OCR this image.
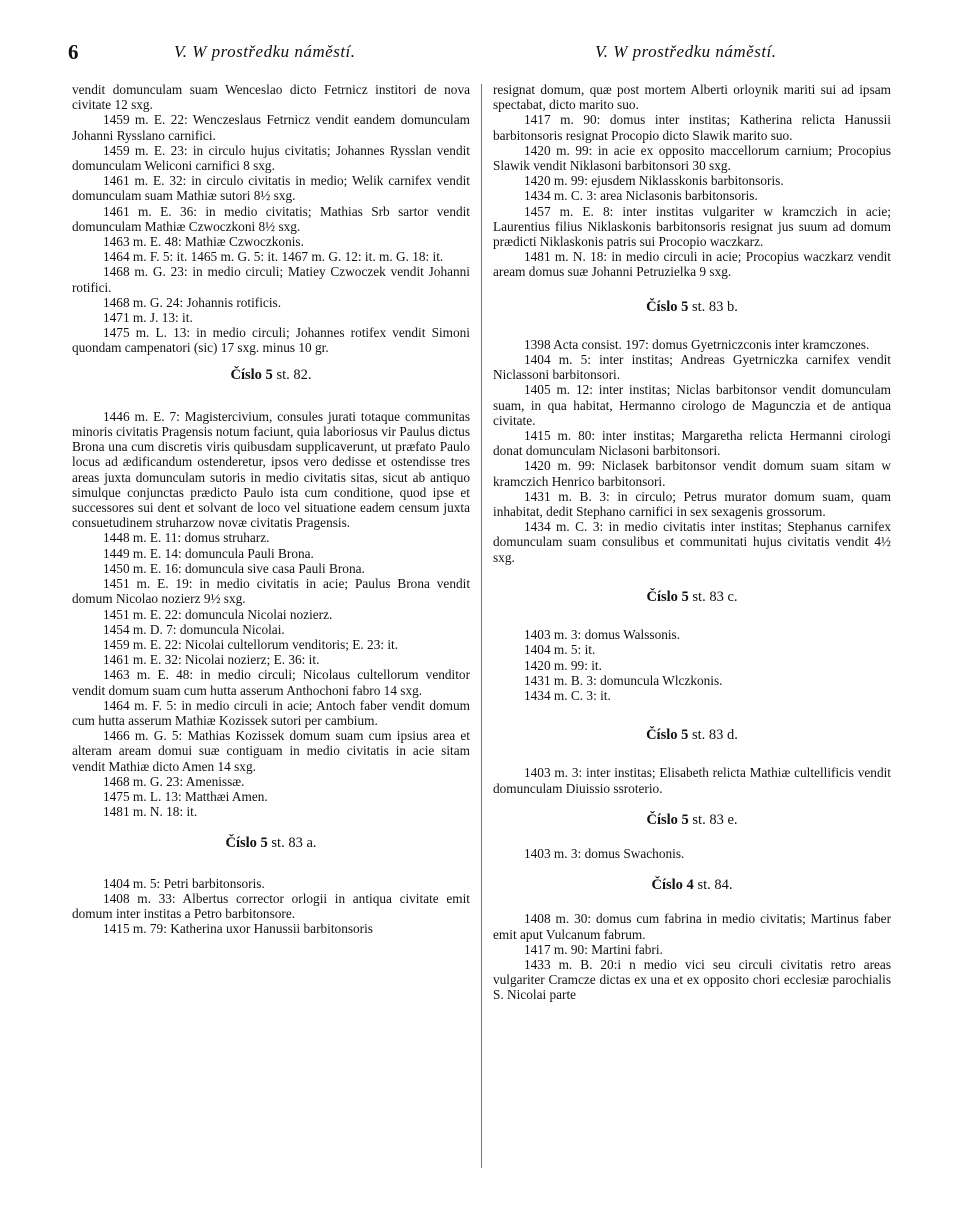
6	V. W prostředku náměstí.	V. W prostředku náměstí.

vendit domunculam suam Wenceslao dicto Fetrnicz institori de nova civitate 12 sxg.

1459 m. E. 22: Wenczeslaus Fetrnicz vendit eandem domunculam Johanni Rysslano carnifici.

1459 m. E. 23: in circulo hujus civitatis; Johannes Rysslan vendit domunculam Weliconi carnifici 8 sxg.

1461 m. E. 32: in circulo civitatis in medio; Welik carnifex vendit domunculam suam Mathiæ sutori 8½ sxg.

1461 m. E. 36: in medio civitatis; Mathias Srb sartor vendit domunculam Mathiæ Czwoczkoni 8½ sxg.

1463 m. E. 48: Mathiæ Czwoczkonis.

1464 m. F. 5: it. 1465 m. G. 5: it. 1467 m. G. 12: it. m. G. 18: it.

1468 m. G. 23: in medio circuli; Matiey Czwoczek vendit Johanni rotifici.

1468 m. G. 24: Johannis rotificis.

1471 m. J. 13: it.

1475 m. L. 13: in medio circuli; Johannes rotifex vendit Simoni quondam campenatori (sic) 17 sxg. minus 10 gr.

Číslo 5 st. 82.

1446 m. E. 7: Magistercivium, consules jurati totaque communitas minoris civitatis Pragensis notum faciunt, quia laboriosus vir Paulus dictus Brona una cum discretis viris quibusdam supplicaverunt, ut præfato Paulo locus ad ædificandum ostenderetur, ipsos vero dedisse et ostendisse tres areas juxta domunculam sutoris in medio civitatis sitas, sicut ab antiquo simulque conjunctas prædicto Paulo ista cum conditione, quod ipse et successores sui dent et solvant de loco vel situatione eadem censum juxta consuetudinem struharzow novæ civitatis Pragensis.

1448 m. E. 11: domus struharz.

1449 m. E. 14: domuncula Pauli Brona.

1450 m. E. 16: domuncula sive casa Pauli Brona.

1451 m. E. 19: in medio civitatis in acie; Paulus Brona vendit domum Nicolao nozierz 9½ sxg.

1451 m. E. 22: domuncula Nicolai nozierz.

1454 m. D. 7: domuncula Nicolai.

1459 m. E. 22: Nicolai cultellorum venditoris; E. 23: it.

1461 m. E. 32: Nicolai nozierz; E. 36: it.

1463 m. E. 48: in medio circuli; Nicolaus cultellorum venditor vendit domum suam cum hutta asserum Anthochoni fabro 14 sxg.

1464 m. F. 5: in medio circuli in acie; Antoch faber vendit domum cum hutta asserum Mathiæ Kozissek sutori per cambium.

1466 m. G. 5: Mathias Kozissek domum suam cum ipsius area et alteram aream domui suæ contiguam in medio civitatis in acie sitam vendit Mathiæ dicto Amen 14 sxg.

1468 m. G. 23: Amenissæ.

1475 m. L. 13: Matthæi Amen.

1481 m. N. 18: it.

Číslo 5 st. 83 a.

1404 m. 5: Petri barbitonsoris.

1408 m. 33: Albertus corrector orlogii in antiqua civitate emit domum inter institas a Petro barbitonsore.

1415 m. 79: Katherina uxor Hanussii barbitonsoris

resignat domum, quæ post mortem Alberti orloynik mariti sui ad ipsam spectabat, dicto marito suo.

1417 m. 90: domus inter institas; Katherina relicta Hanussii barbitonsoris resignat Procopio dicto Slawik marito suo.

1420 m. 99: in acie ex opposito maccellorum carnium; Procopius Slawik vendit Niklasoni barbitonsori 30 sxg.

1420 m. 99: ejusdem Niklasskonis barbitonsoris.

1434 m. C. 3: area Niclasonis barbitonsoris.

1457 m. E. 8: inter institas vulgariter w kramczich in acie; Laurentius filius Niklaskonis barbitonsoris resignat jus suum ad domum prædicti Niklaskonis patris sui Procopio waczkarz.

1481 m. N. 18: in medio circuli in acie; Procopius waczkarz vendit aream domus suæ Johanni Petruzielka 9 sxg.

Číslo 5 st. 83 b.

1398 Acta consist. 197: domus Gyetrniczconis inter kramczones.

1404 m. 5: inter institas; Andreas Gyetrniczka carnifex vendit Niclassoni barbitonsori.

1405 m. 12: inter institas; Niclas barbitonsor vendit domunculam suam, in qua habitat, Hermanno cirologo de Magunczia et de antiqua civitate.

1415 m. 80: inter institas; Margaretha relicta Hermanni cirologi donat domunculam Niclasoni barbitonsori.

1420 m. 99: Niclasek barbitonsor vendit domum suam sitam w kramczich Henrico barbitonsori.

1431 m. B. 3: in circulo; Petrus murator domum suam, quam inhabitat, dedit Stephano carnifici in sex sexagenis grossorum.

1434 m. C. 3: in medio civitatis inter institas; Stephanus carnifex domunculam suam consulibus et communitati hujus civitatis vendit 4½ sxg.

Číslo 5 st. 83 c.

1403 m. 3: domus Walssonis.

1404 m. 5: it.

1420 m. 99: it.

1431 m. B. 3: domuncula Wlczkonis.

1434 m. C. 3: it.

Číslo 5 st. 83 d.

1403 m. 3: inter institas; Elisabeth relicta Mathiæ cultellificis vendit domunculam Diuissio ssroterio.

Číslo 5 st. 83 e.

1403 m. 3: domus Swachonis.

Číslo 4 st. 84.

1408 m. 30: domus cum fabrina in medio civitatis; Martinus faber emit aput Vulcanum fabrum.

1417 m. 90: Martini fabri.

1433 m. B. 20:i n medio vici seu circuli civitatis retro areas vulgariter Cramcze dictas ex una et ex opposito chori ecclesiæ parochialis S. Nicolai parte
